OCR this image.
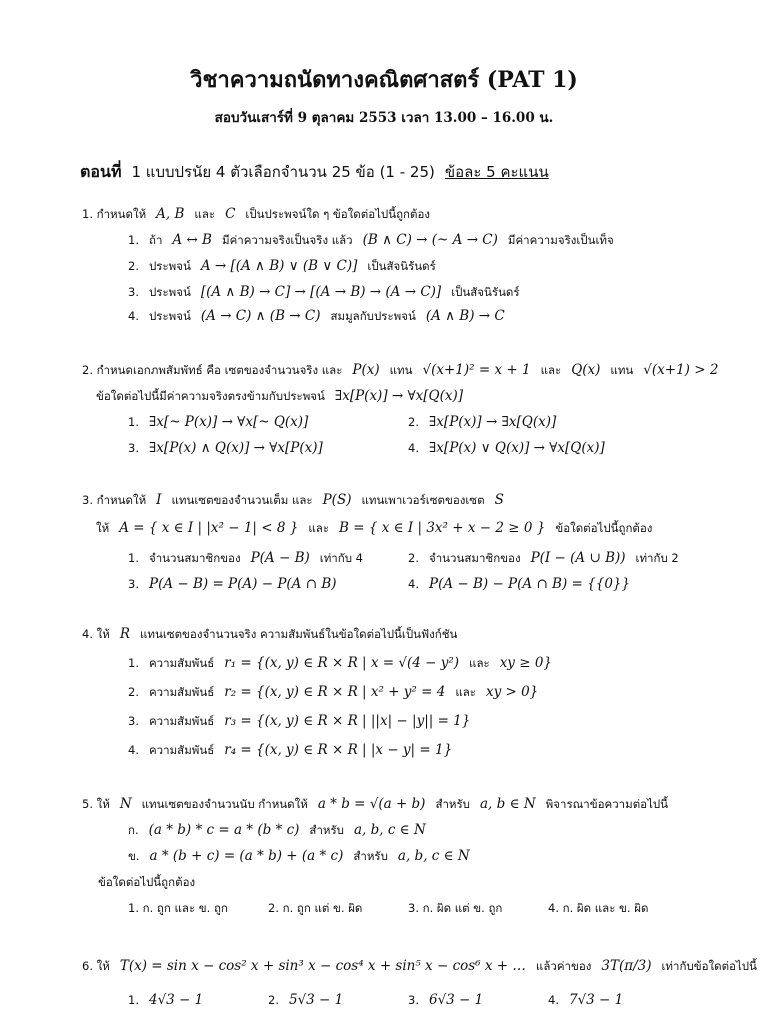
วิชาความถนัดทางคณิตศาสตร์ (PAT 1)
สอบวันเสาร์ที่ 9 ตุลาคม 2553 เวลา 13.00 – 16.00 น.
ตอนที่ 1 แบบปรนัย 4 ตัวเลือกจำนวน 25 ข้อ (1 - 25) ข้อละ 5 คะแนน
1. กำหนดให้ A, B และ C เป็นประพจน์ใด ๆ ข้อใดต่อไปนี้ถูกต้อง
1. ถ้า A ↔ B มีค่าความจริงเป็นจริง แล้ว (B ∧ C) → (~ A → C) มีค่าความจริงเป็นเท็จ
2. ประพจน์ A → [(A ∧ B) ∨ (B ∨ C)] เป็นสัจนิรันดร์
3. ประพจน์ [(A ∧ B) → C] → [(A → B) → (A → C)] เป็นสัจนิรันดร์
4. ประพจน์ (A → C) ∧ (B → C) สมมูลกับประพจน์ (A ∧ B) → C
2. กำหนดเอกภพสัมพัทธ์ คือ เซตของจำนวนจริง และ P(x) แทน √(x+1)² = x + 1 และ Q(x) แทน √(x+1) > 2
ข้อใดต่อไปนี้มีค่าความจริงตรงข้ามกับประพจน์ ∃x[P(x)] → ∀x[Q(x)]
1. ∃x[~ P(x)] → ∀x[~ Q(x)]	2. ∃x[P(x)] → ∃x[Q(x)]
3. ∃x[P(x) ∧ Q(x)] → ∀x[P(x)]	4. ∃x[P(x) ∨ Q(x)] → ∀x[Q(x)]
3. กำหนดให้ I แทนเซตของจำนวนเต็ม และ P(S) แทนเพาเวอร์เซตของเซต S
ให้ A = { x ∈ I | |x² − 1| < 8 } และ B = { x ∈ I | 3x² + x − 2 ≥ 0 } ข้อใดต่อไปนี้ถูกต้อง
1. จำนวนสมาชิกของ P(A − B) เท่ากับ 4	2. จำนวนสมาชิกของ P(I − (A ∪ B)) เท่ากับ 2
3. P(A − B) = P(A) − P(A ∩ B)	4. P(A − B) − P(A ∩ B) = {{0}}
4. ให้ R แทนเซตของจำนวนจริง ความสัมพันธ์ในข้อใดต่อไปนี้เป็นฟังก์ชัน
1. ความสัมพันธ์ r₁ = {(x, y) ∈ R × R | x = √(4 − y²) และ xy ≥ 0}
2. ความสัมพันธ์ r₂ = {(x, y) ∈ R × R | x² + y² = 4 และ xy > 0}
3. ความสัมพันธ์ r₃ = {(x, y) ∈ R × R | ||x| − |y|| = 1}
4. ความสัมพันธ์ r₄ = {(x, y) ∈ R × R | |x − y| = 1}
5. ให้ N แทนเซตของจำนวนนับ กำหนดให้ a * b = √(a + b) สำหรับ a, b ∈ N พิจารณาข้อความต่อไปนี้
ก. (a * b) * c = a * (b * c) สำหรับ a, b, c ∈ N
ข. a * (b + c) = (a * b) + (a * c) สำหรับ a, b, c ∈ N
ข้อใดต่อไปนี้ถูกต้อง
1. ก. ถูก และ ข. ถูก	2. ก. ถูก แต่ ข. ผิด	3. ก. ผิด แต่ ข. ถูก	4. ก. ผิด และ ข. ผิด
6. ให้ T(x) = sin x − cos² x + sin³ x − cos⁴ x + sin⁵ x − cos⁶ x + … แล้วค่าของ 3T(π/3) เท่ากับข้อใดต่อไปนี้
1. 4√3 − 1	2. 5√3 − 1	3. 6√3 − 1	4. 7√3 − 1
